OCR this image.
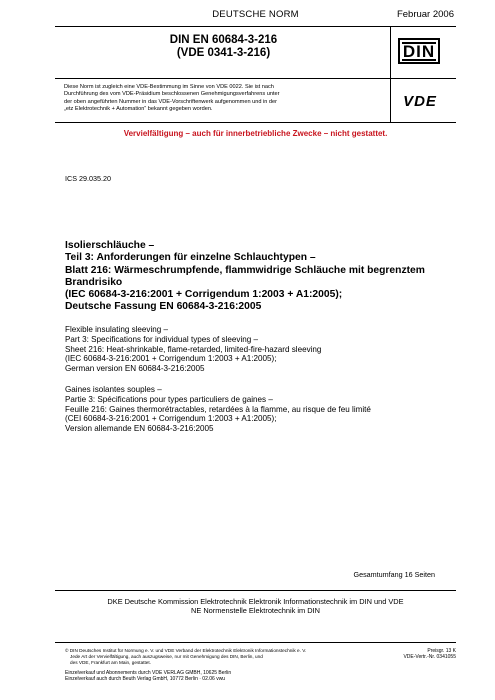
DEUTSCHE NORM	Februar 2006
DIN EN 60684-3-216
(VDE 0341-3-216)	DIN
Diese Norm ist zugleich eine VDE-Bestimmung im Sinne von VDE 0022. Sie ist nach
Durchführung des vom VDE-Präsidium beschlossenen Genehmigungsverfahrens unter
der oben angeführten Nummer in das VDE-Vorschriftenwerk aufgenommen und in der
„etz Elektrotechnik + Automation“ bekannt gegeben worden.	VDE
Vervielfältigung – auch für innerbetriebliche Zwecke – nicht gestattet.
ICS 29.035.20
Isolierschläuche –
Teil 3: Anforderungen für einzelne Schlauchtypen –
Blatt 216: Wärmeschrumpfende, flammwidrige Schläuche mit begrenztem
Brandrisiko
(IEC 60684-3-216:2001 + Corrigendum 1:2003 + A1:2005);
Deutsche Fassung EN 60684-3-216:2005
Flexible insulating sleeving –
Part 3: Specifications for individual types of sleeving –
Sheet 216: Heat-shrinkable, flame-retarded, limited-fire-hazard sleeving
(IEC 60684-3-216:2001 + Corrigendum 1:2003 + A1:2005);
German version EN 60684-3-216:2005
Gaines isolantes souples –
Partie 3: Spécifications pour types particuliers de gaines –
Feuille 216: Gaines thermorétractables, retardées à la flamme, au risque de feu limité
(CEI 60684-3-216:2001 + Corrigendum 1:2003 + A1:2005);
Version allemande EN 60684-3-216:2005
Gesamtumfang 16 Seiten
DKE Deutsche Kommission Elektrotechnik Elektronik Informationstechnik im DIN und VDE
NE Normenstelle Elektrotechnik im DIN
© DIN Deutsches Institut für Normung e. V. und VDE Verband der Elektrotechnik Elektronik Informationstechnik e. V.
Jede Art der Vervielfältigung, auch auszugsweise, nur mit Genehmigung des DIN, Berlin, und
des VDE, Frankfurt am Main, gestattet.
Preisgr. 13 K
VDE-Vertr.-Nr. 0341055
Einzelverkauf und Abonnements durch VDE VERLAG GMBH, 10625 Berlin
Einzelverkauf auch durch Beuth Verlag GmbH, 10772 Berlin · 02.06 vwu
